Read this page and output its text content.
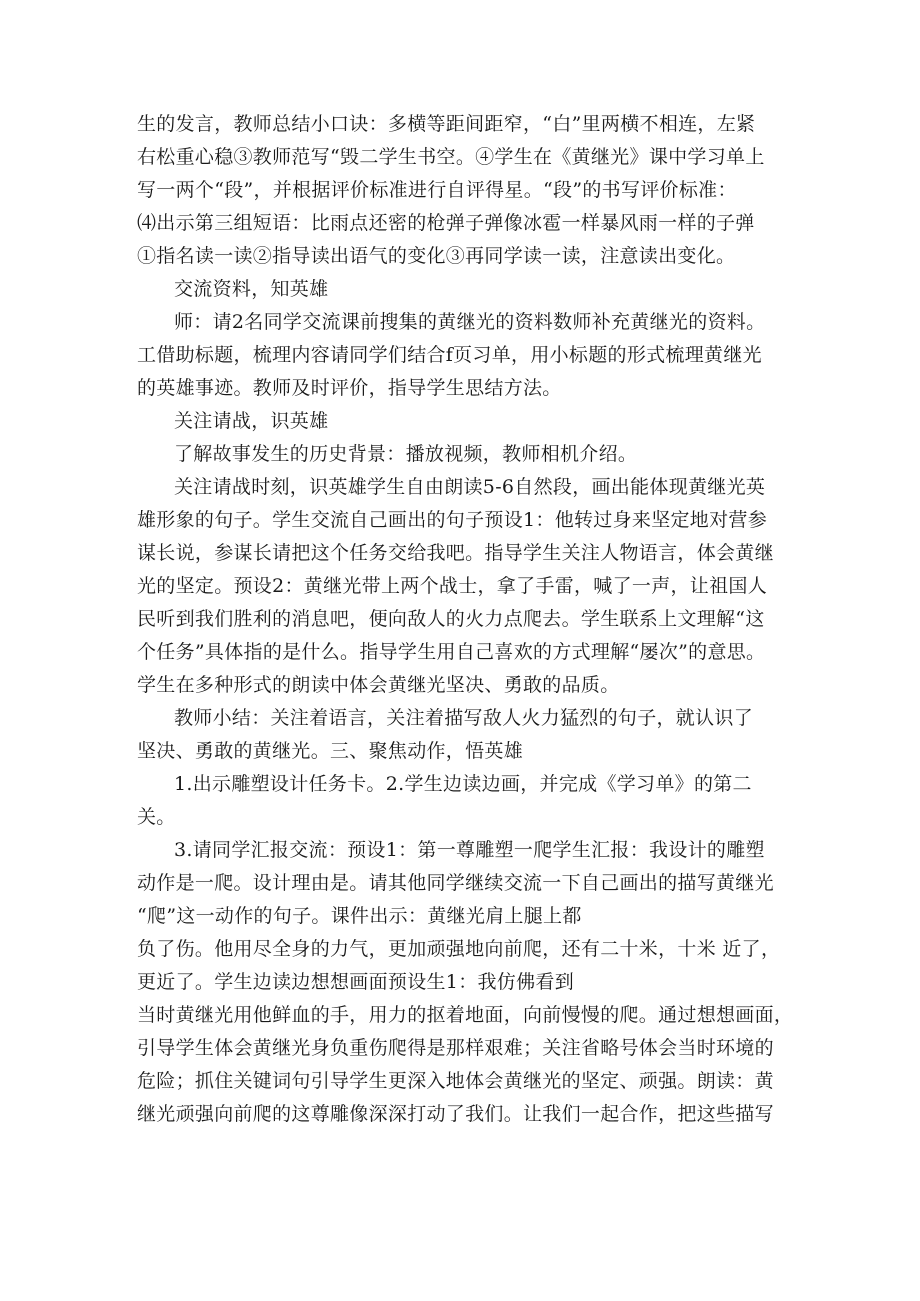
生的发言，教师总结小口诀：多横等距间距窄，“白”里两横不相连，左紧
右松重心稳③教师范写“毁二学生书空。④学生在《黄继光》课中学习单上
写一两个“段”，并根据评价标准进行自评得星。“段”的书写评价标准：
⑷出示第三组短语：比雨点还密的枪弹子弹像冰雹一样暴风雨一样的子弹
①指名读一读②指导读出语气的变化③再同学读一读，注意读出变化。
交流资料，知英雄
师：请2名同学交流课前搜集的黄继光的资料数师补充黄继光的资料。
工借助标题，梳理内容请同学们结合f页习单，用小标题的形式梳理黄继光
的英雄事迹。教师及时评价，指导学生思结方法。
关注请战，识英雄
了解故事发生的历史背景：播放视频，教师相机介绍。
关注请战时刻，识英雄学生自由朗读5-6自然段，画出能体现黄继光英
雄形象的句子。学生交流自己画出的句子预设1：他转过身来坚定地对营参
谋长说，参谋长请把这个任务交给我吧。指导学生关注人物语言，体会黄继
光的坚定。预设2：黄继光带上两个战士，拿了手雷，喊了一声，让祖国人
民听到我们胜利的消息吧，便向敌人的火力点爬去。学生联系上文理解“这
个任务”具体指的是什么。指导学生用自己喜欢的方式理解“屡次”的意思。
学生在多种形式的朗读中体会黄继光坚决、勇敢的品质。
教师小结：关注着语言，关注着描写敌人火力猛烈的句子，就认识了
坚决、勇敢的黄继光。三、聚焦动作，悟英雄
1.出示雕塑设计任务卡。2.学生边读边画，并完成《学习单》的第二
关。
3.请同学汇报交流：预设1：第一尊雕塑一爬学生汇报：我设计的雕塑
动作是一爬。设计理由是。请其他同学继续交流一下自己画出的描写黄继光
“爬”这一动作的句子。课件出示：黄继光肩上腿上都
负了伤。他用尽全身的力气，更加顽强地向前爬，还有二十米，十米 近了，
更近了。学生边读边想想画面预设生1：我仿佛看到
当时黄继光用他鲜血的手，用力的抠着地面，向前慢慢的爬。通过想想画面，
引导学生体会黄继光身负重伤爬得是那样艰难；关注省略号体会当时环境的
危险；抓住关键词句引导学生更深入地体会黄继光的坚定、顽强。朗读：黄
继光顽强向前爬的这尊雕像深深打动了我们。让我们一起合作，把这些描写
